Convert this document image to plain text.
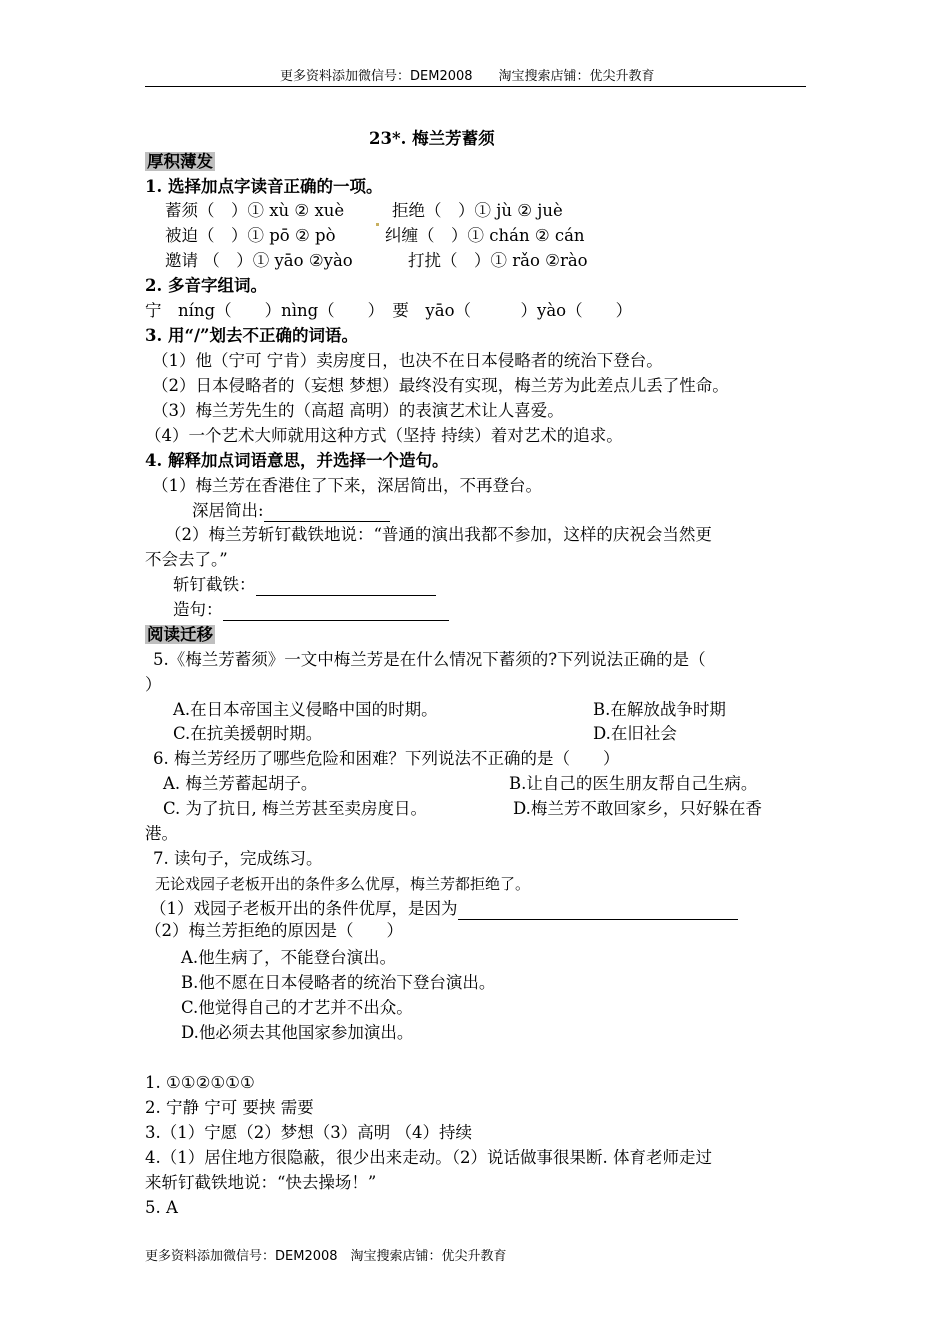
更多资料添加微信号：DEM2008　　淘宝搜索店铺：优尖升教育
23*. 梅兰芳蓄须
厚积薄发
1. 选择加点字读音正确的一项。
蓄须（　）① xù ② xuè	拒绝（　）① jù ② juè
被迫（　）① pō ② pò	纠缠（　）① chán ② cán
邀请 （　）① yāo ②yào	打扰（　）① rǎo ②rào
2. 多音字组词。
宁　níng（　　）nìng（　　）　要　yāo（　　　）yào（　　）
3. 用“/”划去不正确的词语。
（1）他（宁可 宁肯）卖房度日，也决不在日本侵略者的统治下登台。
（2）日本侵略者的（妄想 梦想）最终没有实现，梅兰芳为此差点儿丢了性命。
（3）梅兰芳先生的（高超 高明）的表演艺术让人喜爱。
（4）一个艺术大师就用这种方式（坚持 持续）着对艺术的追求。
4. 解释加点词语意思，并选择一个造句。
（1）梅兰芳在香港住了下来，深居简出，不再登台。
深居简出:
（2）梅兰芳斩钉截铁地说：“普通的演出我都不参加，这样的庆祝会当然更
不会去了。”
斩钉截铁：
造句：
阅读迁移
5.《梅兰芳蓄须》一文中梅兰芳是在什么情况下蓄须的?下列说法正确的是（
）
A.在日本帝国主义侵略中国的时期。	B.在解放战争时期
C.在抗美援朝时期。	D.在旧社会
6. 梅兰芳经历了哪些危险和困难？下列说法不正确的是（　　）
A. 梅兰芳蓄起胡子。	B.让自己的医生朋友帮自己生病。
C. 为了抗日, 梅兰芳甚至卖房度日。	D.梅兰芳不敢回家乡，只好躲在香
港。
7. 读句子，完成练习。
无论戏园子老板开出的条件多么优厚，梅兰芳都拒绝了。
（1）戏园子老板开出的条件优厚，是因为
（2）梅兰芳拒绝的原因是（　　）
A.他生病了，不能登台演出。
B.他不愿在日本侵略者的统治下登台演出。
C.他觉得自己的才艺并不出众。
D.他必须去其他国家参加演出。
1. ①①②①①①
2. 宁静 宁可 要挟 需要
3.（1）宁愿（2）梦想（3）高明 （4）持续
4.（1）居住地方很隐蔽，很少出来走动。（2）说话做事很果断. 体育老师走过
来斩钉截铁地说：“快去操场！”
5. A
更多资料添加微信号：DEM2008　淘宝搜索店铺：优尖升教育
